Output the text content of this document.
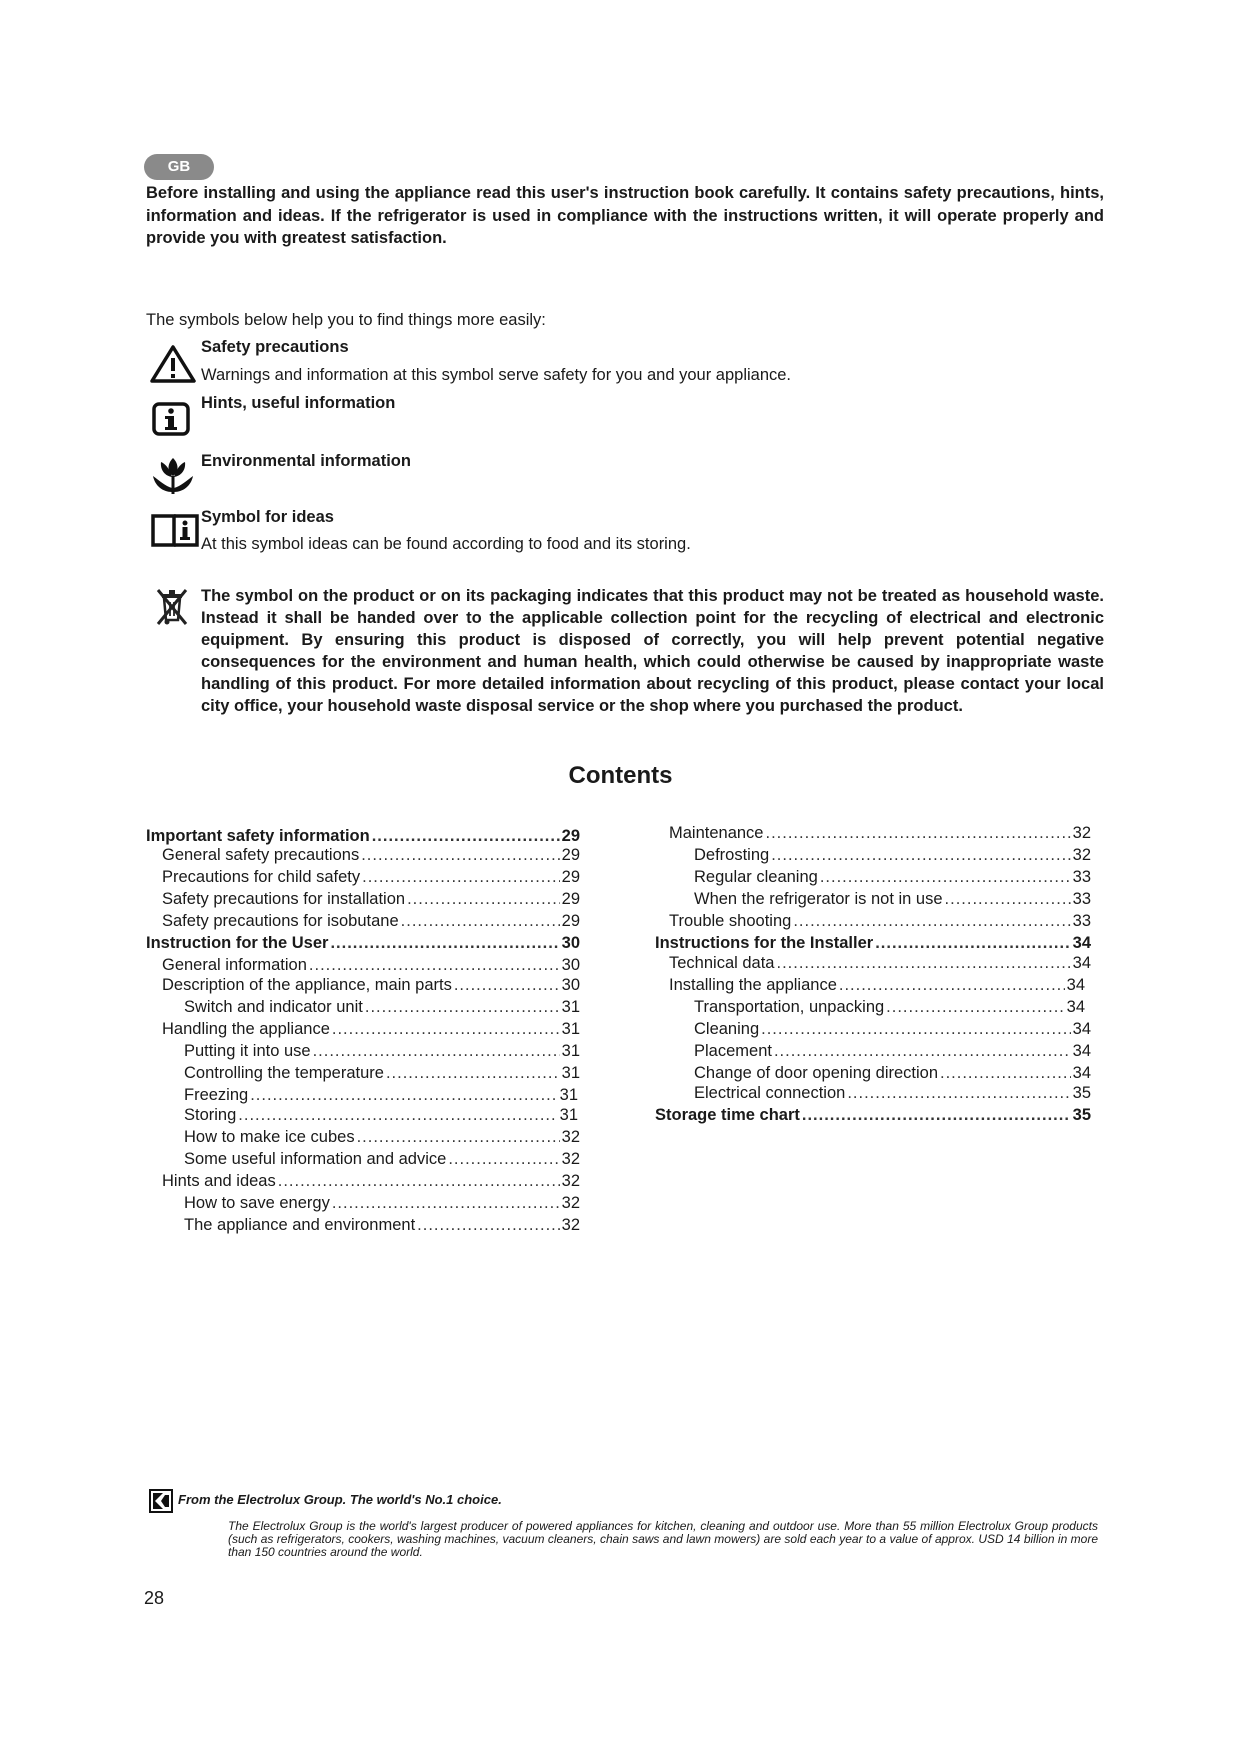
GB
Before installing and using the appliance read this user's instruction book carefully. It contains safety precautions, hints, information and ideas. If the refrigerator is used in compliance with the instructions written, it will operate properly and provide you with greatest satisfaction.
The symbols below help you to find things more easily:
Safety precautions
Warnings and information at this symbol serve safety for you and your appliance.
Hints, useful information
Environmental information
Symbol for ideas
At this symbol ideas can be found according to food and its storing.
The symbol on the product or on its packaging indicates that this product may not be treated as household waste. Instead it shall be handed over to the applicable collection point for the recycling of electrical and electronic equipment. By ensuring this product is disposed of correctly, you will help prevent potential negative consequences for the environment and human health, which could otherwise be caused by inappropriate waste handling of this product. For more detailed information about recycling of this product, please contact your local city office, your household waste disposal service or the shop where you purchased the product.
Contents
Important safety information .....	29
General safety precautions .....	29
Precautions for child safety .....	29
Safety precautions for installation .....	29
Safety precautions for isobutane .....	29
Instruction for the User .....	30
General information .....	30
Description of the appliance, main parts .....	30
Switch and indicator unit .....	31
Handling the appliance .....	31
Putting it into use .....	31
Controlling the temperature .....	31
Freezing .....	31
Storing .....	31
How to make ice cubes .....	32
Some useful information and advice .....	32
Hints and ideas .....	32
How to save energy .....	32
The appliance and environment .....	32
Maintenance .....	32
Defrosting .....	32
Regular cleaning .....	33
When the refrigerator is not in use .....	33
Trouble shooting .....	33
Instructions for the Installer .....	34
Technical data .....	34
Installing the appliance .....	34
Transportation, unpacking .....	34
Cleaning .....	34
Placement .....	34
Change of door opening direction .....	34
Electrical connection .....	35
Storage time chart .....	35
From the Electrolux Group. The world's No.1 choice.
The Electrolux Group is the world's largest producer of powered appliances for kitchen, cleaning and outdoor use. More than 55 million Electrolux Group products (such as refrigerators, cookers, washing machines, vacuum cleaners, chain saws and lawn mowers) are sold each year to a value of approx. USD 14 billion in more than 150 countries around the world.
28
